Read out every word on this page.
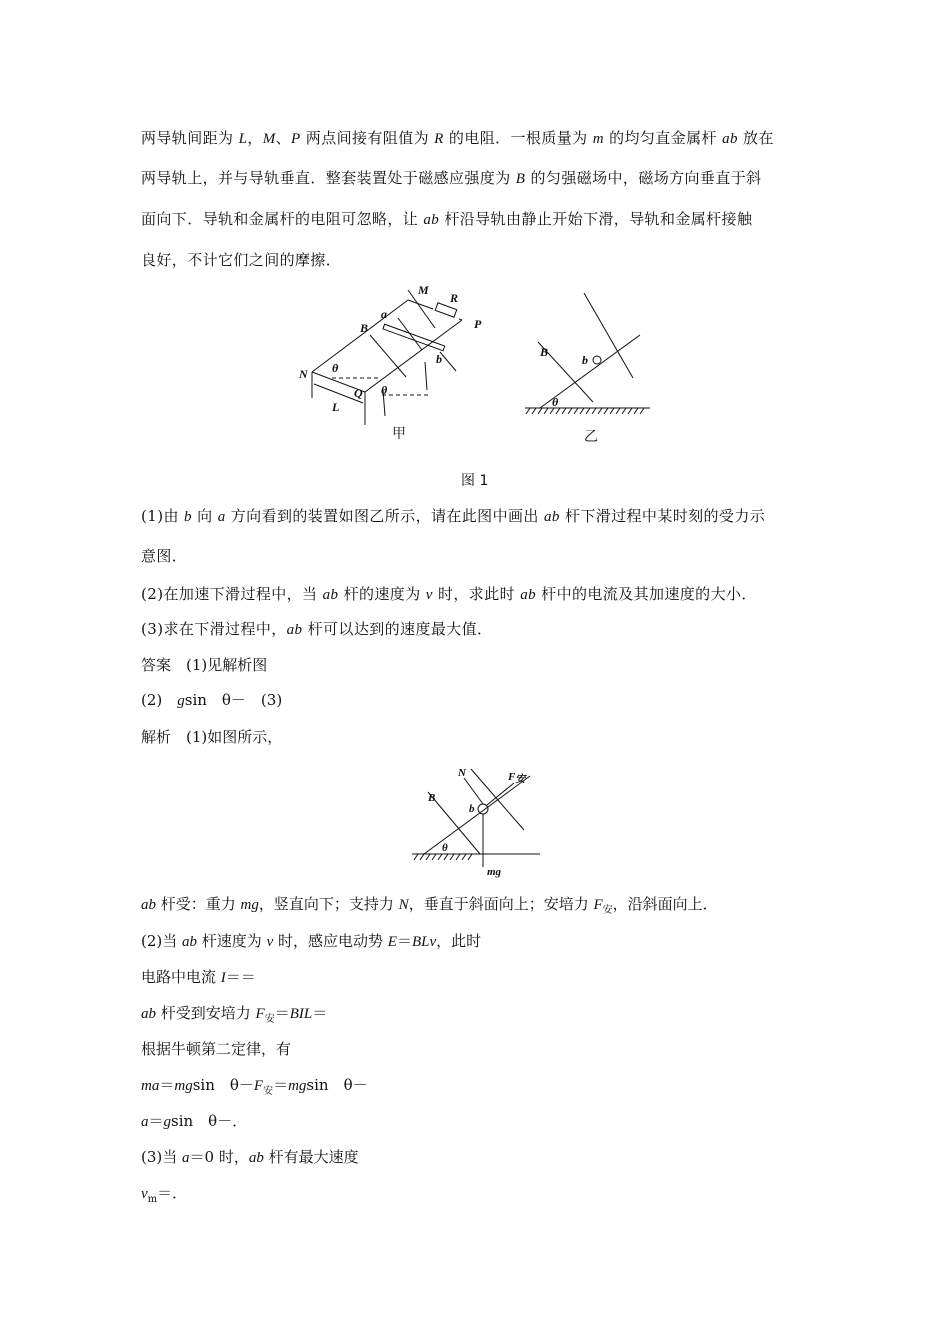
两导轨间距为 L，M、P 两点间接有阻值为 R 的电阻．一根质量为 m 的均匀直金属杆 ab 放在
两导轨上，并与导轨垂直．整套装置处于磁感应强度为 B 的匀强磁场中，磁场方向垂直于斜
面向下．导轨和金属杆的电阻可忽略，让 ab 杆沿导轨由静止开始下滑，导轨和金属杆接触
良好，不计它们之间的摩擦．
M
R
P
a
B
b
θ
N
Q θ
L
B
b
θ
甲	乙
图 1
(1)由 b 向 a 方向看到的装置如图乙所示，请在此图中画出 ab 杆下滑过程中某时刻的受力示
意图．
(2)在加速下滑过程中，当 ab 杆的速度为 v 时，求此时 ab 杆中的电流及其加速度的大小．
(3)求在下滑过程中，ab 杆可以达到的速度最大值．
答案　(1)见解析图
(2)　gsin　θ－　(3)
解析　(1)如图所示，
N	F安
B
b
θ
mg
ab 杆受：重力 mg，竖直向下；支持力 N，垂直于斜面向上；安培力 $F_安$，沿斜面向上．
(2)当 ab 杆速度为 v 时，感应电动势 E＝BLv，此时
电路中电流 I＝＝
ab 杆受到安培力 $F_安=BIL=$
根据牛顿第二定律，有
ma＝mgsin　$\theta-F_安=mgsin$　θ－
a＝gsin　θ－．
(3)当 a＝0 时，ab 杆有最大速度
$v_m=$．
